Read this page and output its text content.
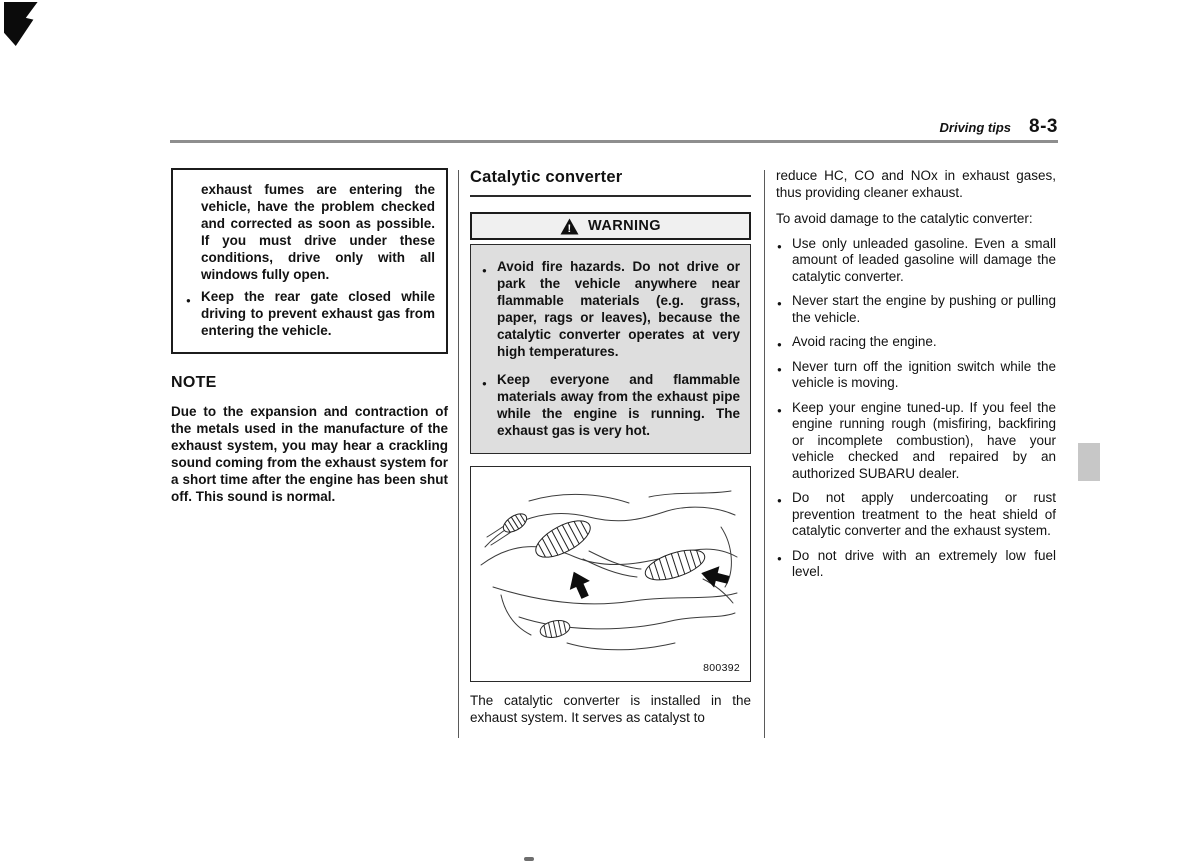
Driving tips 8-3

exhaust fumes are entering the vehicle, have the problem checked and corrected as soon as possible. If you must drive under these conditions, drive only with all windows fully open.

● Keep the rear gate closed while driving to prevent exhaust gas from entering the vehicle.
NOTE

Due to the expansion and contraction of the metals used in the manufacture of the exhaust system, you may hear a crackling sound coming from the exhaust system for a short time after the engine has been shut off. This sound is normal.

Catalytic converter
! WARNING
● Avoid fire hazards. Do not drive or park the vehicle anywhere near flammable materials (e.g. grass, paper, rags or leaves), because the catalytic converter operates at very high temperatures.
● Keep everyone and flammable materials away from the exhaust pipe while the engine is running. The exhaust gas is very hot.
800392

The catalytic converter is installed in the exhaust system. It serves as catalyst to

reduce HC, CO and NOx in exhaust gases, thus providing cleaner exhaust.

To avoid damage to the catalytic converter:

● Use only unleaded gasoline. Even a small amount of leaded gasoline will damage the catalytic converter.
● Never start the engine by pushing or pulling the vehicle.
● Avoid racing the engine.
● Never turn off the ignition switch while the vehicle is moving.
● Keep your engine tuned-up. If you feel the engine running rough (misfiring, backfiring or incomplete combustion), have your vehicle checked and repaired by an authorized SUBARU dealer.
● Do not apply undercoating or rust prevention treatment to the heat shield of catalytic converter and the exhaust system.
● Do not drive with an extremely low fuel level.
